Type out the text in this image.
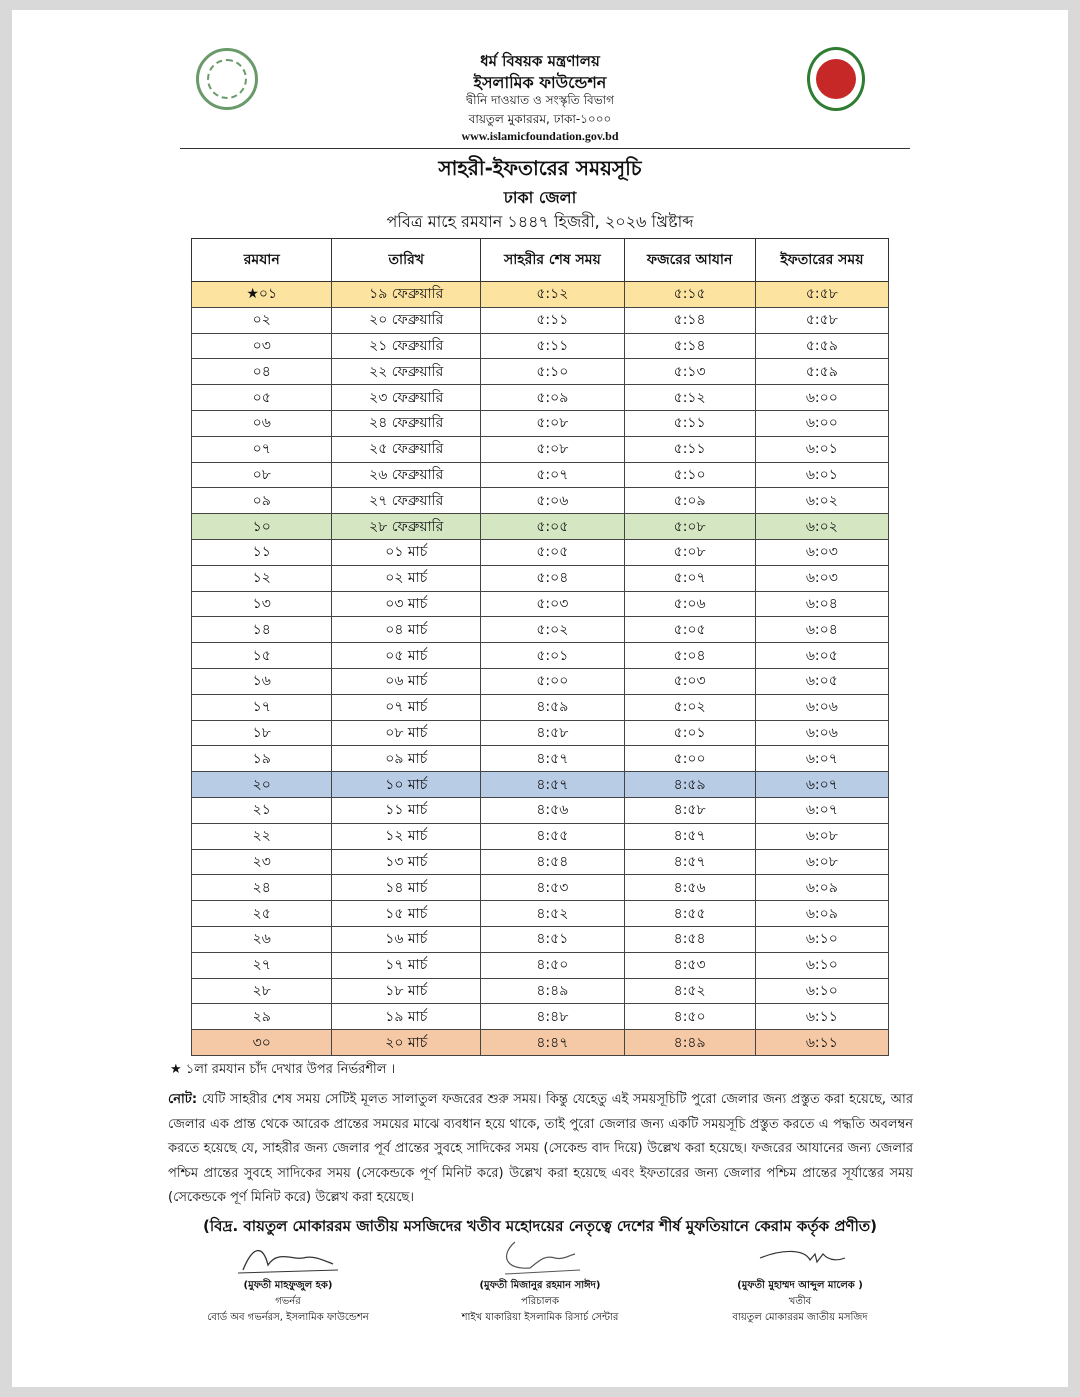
ধর্ম বিষয়ক মন্ত্রণালয়
ইসলামিক ফাউন্ডেশন
দ্বীনি দাওয়াত ও সংস্কৃতি বিভাগ
বায়তুল মুকাররম, ঢাকা-১০০০
www.islamicfoundation.gov.bd
সাহরী-ইফতারের সময়সূচি
ঢাকা জেলা
পবিত্র মাহে রমযান ১৪৪৭ হিজরী, ২০২৬ খ্রিষ্টাব্দ
রমযান	তারিখ	সাহরীর শেষ সময়	ফজরের আযান	ইফতারের সময়
★০১	১৯ ফেব্রুয়ারি	৫:১২	৫:১৫	৫:৫৮
০২	২০ ফেব্রুয়ারি	৫:১১	৫:১৪	৫:৫৮
০৩	২১ ফেব্রুয়ারি	৫:১১	৫:১৪	৫:৫৯
০৪	২২ ফেব্রুয়ারি	৫:১০	৫:১৩	৫:৫৯
০৫	২৩ ফেব্রুয়ারি	৫:০৯	৫:১২	৬:০০
০৬	২৪ ফেব্রুয়ারি	৫:০৮	৫:১১	৬:০০
০৭	২৫ ফেব্রুয়ারি	৫:০৮	৫:১১	৬:০১
০৮	২৬ ফেব্রুয়ারি	৫:০৭	৫:১০	৬:০১
০৯	২৭ ফেব্রুয়ারি	৫:০৬	৫:০৯	৬:০২
১০	২৮ ফেব্রুয়ারি	৫:০৫	৫:০৮	৬:০২
১১	০১ মার্চ	৫:০৫	৫:০৮	৬:০৩
১২	০২ মার্চ	৫:০৪	৫:০৭	৬:০৩
১৩	০৩ মার্চ	৫:০৩	৫:০৬	৬:০৪
১৪	০৪ মার্চ	৫:০২	৫:০৫	৬:০৪
১৫	০৫ মার্চ	৫:০১	৫:০৪	৬:০৫
১৬	০৬ মার্চ	৫:০০	৫:০৩	৬:০৫
১৭	০৭ মার্চ	৪:৫৯	৫:০২	৬:০৬
১৮	০৮ মার্চ	৪:৫৮	৫:০১	৬:০৬
১৯	০৯ মার্চ	৪:৫৭	৫:০০	৬:০৭
২০	১০ মার্চ	৪:৫৭	৪:৫৯	৬:০৭
২১	১১ মার্চ	৪:৫৬	৪:৫৮	৬:০৭
২২	১২ মার্চ	৪:৫৫	৪:৫৭	৬:০৮
২৩	১৩ মার্চ	৪:৫৪	৪:৫৭	৬:০৮
২৪	১৪ মার্চ	৪:৫৩	৪:৫৬	৬:০৯
২৫	১৫ মার্চ	৪:৫২	৪:৫৫	৬:০৯
২৬	১৬ মার্চ	৪:৫১	৪:৫৪	৬:১০
২৭	১৭ মার্চ	৪:৫০	৪:৫৩	৬:১০
২৮	১৮ মার্চ	৪:৪৯	৪:৫২	৬:১০
২৯	১৯ মার্চ	৪:৪৮	৪:৫০	৬:১১
৩০	২০ মার্চ	৪:৪৭	৪:৪৯	৬:১১
★ ১লা রমযান চাঁদ দেখার উপর নির্ভরশীল ।
নোট: যেটি সাহরীর শেষ সময় সেটিই মূলত সালাতুল ফজরের শুরু সময়। কিন্তু যেহেতু এই সময়সূচিটি পুরো জেলার জন্য প্রস্তুত করা হয়েছে, আর জেলার এক প্রান্ত থেকে আরেক প্রান্তের সময়ের মাঝে ব্যবধান হয়ে থাকে, তাই পুরো জেলার জন্য একটি সময়সূচি প্রস্তুত করতে এ পদ্ধতি অবলম্বন করতে হয়েছে যে, সাহরীর জন্য জেলার পূর্ব প্রান্তের সুবহে সাদিকের সময় (সেকেন্ড বাদ দিয়ে) উল্লেখ করা হয়েছে। ফজরের আযানের জন্য জেলার পশ্চিম প্রান্তের সুবহে সাদিকের সময় (সেকেন্ডকে পূর্ণ মিনিট করে) উল্লেখ করা হয়েছে এবং ইফতারের জন্য জেলার পশ্চিম প্রান্তের সূর্যাস্তের সময় (সেকেন্ডকে পূর্ণ মিনিট করে) উল্লেখ করা হয়েছে।
(বিদ্র. বায়তুল মোকাররম জাতীয় মসজিদের খতীব মহোদয়ের নেতৃত্বে দেশের শীর্ষ মুফতিয়ানে কেরাম কর্তৃক প্রণীত)
(মুফতী মাহফুজুল হক)
গভর্নর
বোর্ড অব গভর্নরস, ইসলামিক ফাউন্ডেশন
(মুফতী মিজানুর রহমান সাঈদ)
পরিচালক
শাইখ যাকারিয়া ইসলামিক রিসার্চ সেন্টার
(মুফতী মুহাম্মদ আব্দুল মালেক )
খতীব
বায়তুল মোকাররম জাতীয় মসজিদ
